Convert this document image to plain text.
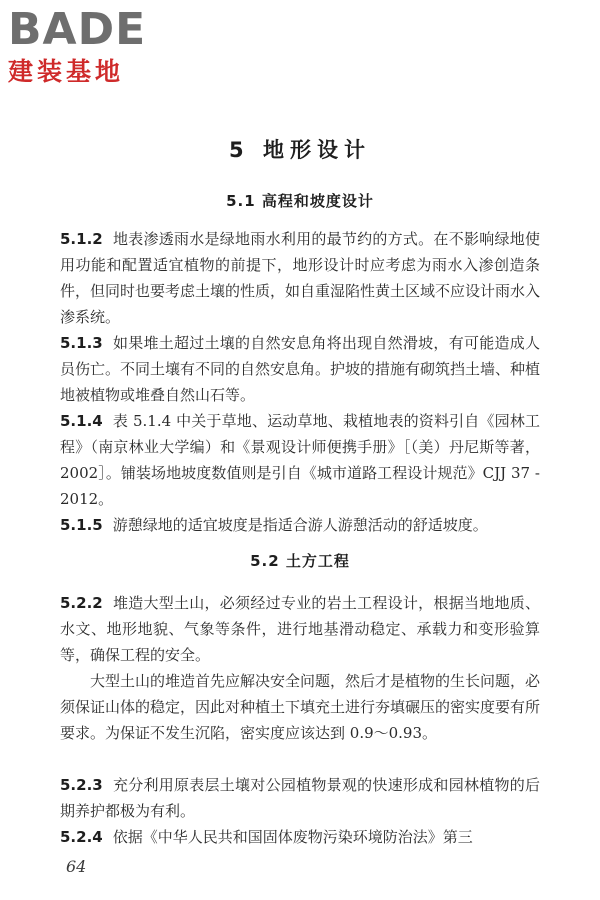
BADE
建装基地
5 地形设计
5.1 高程和坡度设计
5.1.2 地表渗透雨水是绿地雨水利用的最节约的方式。在不影响绿地使用功能和配置适宜植物的前提下，地形设计时应考虑为雨水入渗创造条件，但同时也要考虑土壤的性质，如自重湿陷性黄土区域不应设计雨水入渗系统。
5.1.3 如果堆土超过土壤的自然安息角将出现自然滑坡，有可能造成人员伤亡。不同土壤有不同的自然安息角。护坡的措施有砌筑挡土墙、种植地被植物或堆叠自然山石等。
5.1.4 表 5.1.4 中关于草地、运动草地、栽植地表的资料引自《园林工程》（南京林业大学编）和《景观设计师便携手册》［（美）丹尼斯等著，2002］。铺装场地坡度数值则是引自《城市道路工程设计规范》CJJ 37 - 2012。
5.1.5 游憩绿地的适宜坡度是指适合游人游憩活动的舒适坡度。
5.2 土方工程
5.2.2 堆造大型土山，必须经过专业的岩土工程设计，根据当地地质、水文、地形地貌、气象等条件，进行地基滑动稳定、承载力和变形验算等，确保工程的安全。
大型土山的堆造首先应解决安全问题，然后才是植物的生长问题，必须保证山体的稳定，因此对种植土下填充土进行夯填碾压的密实度要有所要求。为保证不发生沉陷，密实度应该达到 0.9～0.93。
5.2.3 充分利用原表层土壤对公园植物景观的快速形成和园林植物的后期养护都极为有利。
5.2.4 依据《中华人民共和国固体废物污染环境防治法》第三
64
